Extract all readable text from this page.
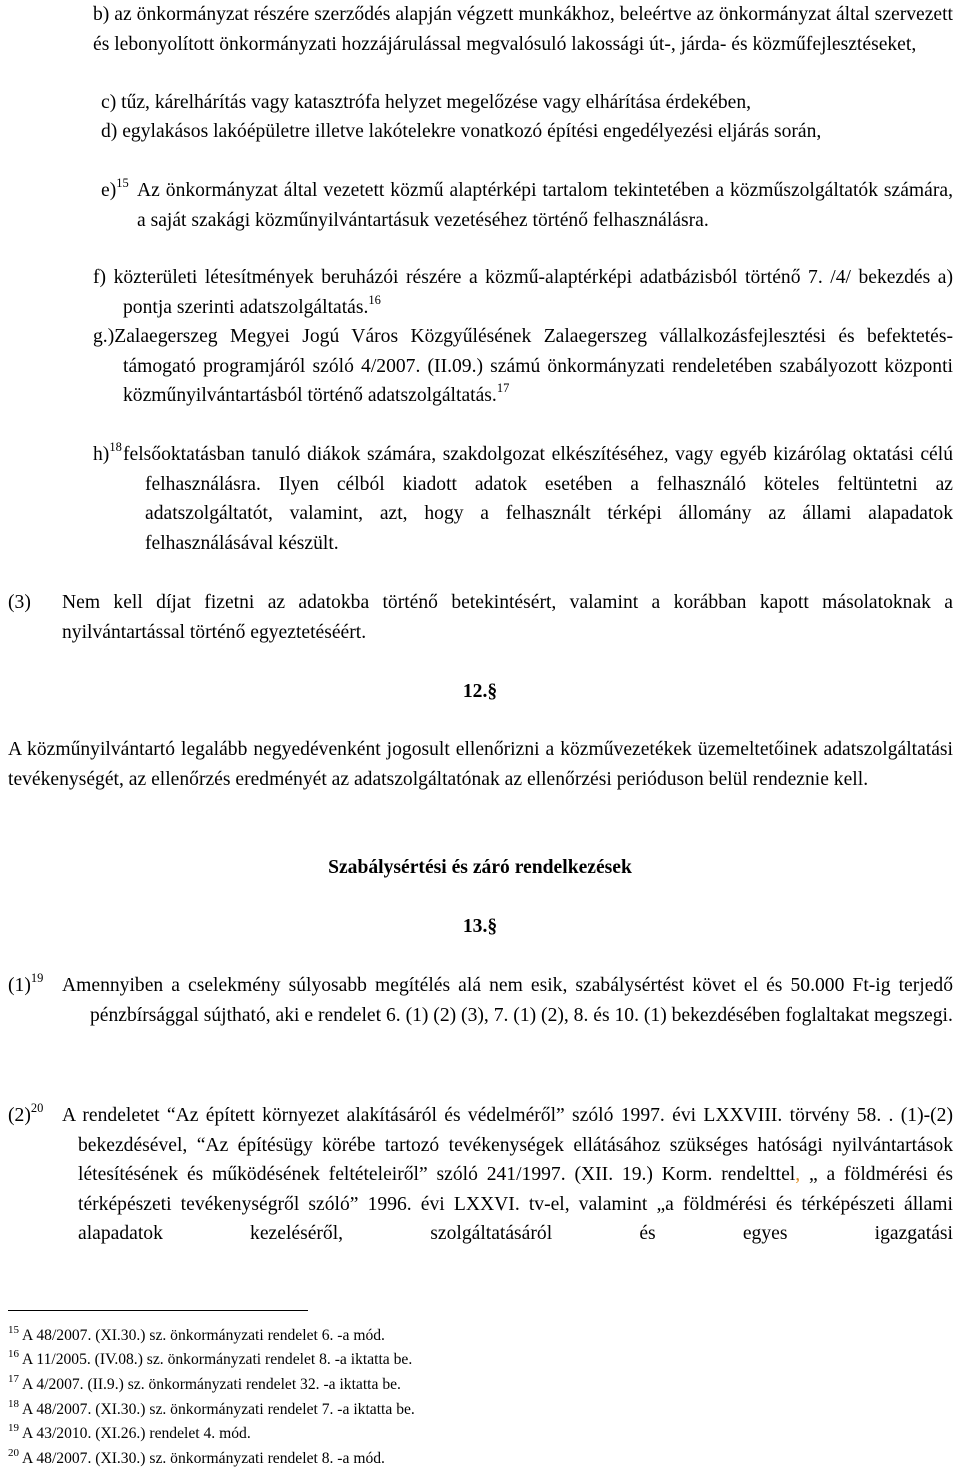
b) az önkormányzat részére szerződés alapján végzett munkákhoz, beleértve az önkormányzat által szervezett és lebonyolított önkormányzati hozzájárulással megvalósuló lakossági út-, járda- és közműfejlesztéseket,
c) tűz, kárelhárítás vagy katasztrófa helyzet megelőzése vagy elhárítása érdekében,
d) egylakásos lakóépületre illetve lakótelekre vonatkozó építési engedélyezési eljárás során,
e)$^{15}$ Az önkormányzat által vezetett közmű alaptérképi tartalom tekintetében a közműszolgáltatók számára, a saját szakági közműnyilvántartásuk vezetéséhez történő felhasználásra.
f) közterületi létesítmények beruházói részére a közmű-alaptérképi adatbázisból történő 7. /4/ bekezdés a) pontja szerinti adatszolgáltatás.$^{16}$
g.)Zalaegerszeg Megyei Jogú Város Közgyűlésének Zalaegerszeg vállalkozásfejlesztési és befektetés-támogató programjáról szóló 4/2007. (II.09.) számú önkormányzati rendeletében szabályozott központi közműnyilvántartásból történő adatszolgáltatás.$^{17}$
h)$^{18}$ felsőoktatásban tanuló diákok számára, szakdolgozat elkészítéséhez, vagy egyéb kizárólag oktatási célú felhasználásra. Ilyen célból kiadott adatok esetében a felhasználó köteles feltüntetni az adatszolgáltatót, valamint, azt, hogy a felhasznált térképi állomány az állami alapadatok felhasználásával készült.
(3)	Nem kell díjat fizetni az adatokba történő betekintésért, valamint a korábban kapott másolatoknak a nyilvántartással történő egyeztetéséért.
12.§
A közműnyilvántartó legalább negyedévenként jogosult ellenőrizni a közművezetékek üzemeltetőinek adatszolgáltatási tevékenységét, az ellenőrzés eredményét az adatszolgáltatónak az ellenőrzési perióduson belül rendeznie kell.
Szabálysértési és záró rendelkezések
13.§
$(1)^{19}$ Amennyiben a cselekmény súlyosabb megítélés alá nem esik, szabálysértést követ el és 50.000 Ft-ig terjedő pénzbírsággal sújtható, aki e rendelet 6. (1) (2) (3), 7. (1) (2), 8. és 10. (1) bekezdésében foglaltakat megszegi.
$(2)^{20}$ A rendeletet “Az épített környezet alakításáról és védelméről” szóló 1997. évi LXXVIII. törvény 58. . (1)-(2) bekezdésével, “Az építésügy körébe tartozó tevékenységek ellátásához szükséges hatósági nyilvántartások létesítésének és működésének feltételeiről” szóló 241/1997. (XII. 19.) Korm. rendelttel, „ a földmérési és térképészeti tevékenységről szóló” 1996. évi LXXVI. tv-el, valamint „a földmérési és térképészeti állami alapadatok kezeléséről, szolgáltatásáról és egyes igazgatási
$^{15}$ A 48/2007. (XI.30.) sz. önkormányzati rendelet 6. -a mód.
$^{16}$ A 11/2005. (IV.08.) sz. önkormányzati rendelet 8. -a iktatta be.
$^{17}$ A 4/2007. (II.9.) sz. önkormányzati rendelet 32. -a iktatta be.
$^{18}$ A 48/2007. (XI.30.) sz. önkormányzati rendelet 7. -a iktatta be.
$^{19}$ A 43/2010. (XI.26.) rendelet 4. mód.
$^{20}$ A 48/2007. (XI.30.) sz. önkormányzati rendelet 8. -a mód.
